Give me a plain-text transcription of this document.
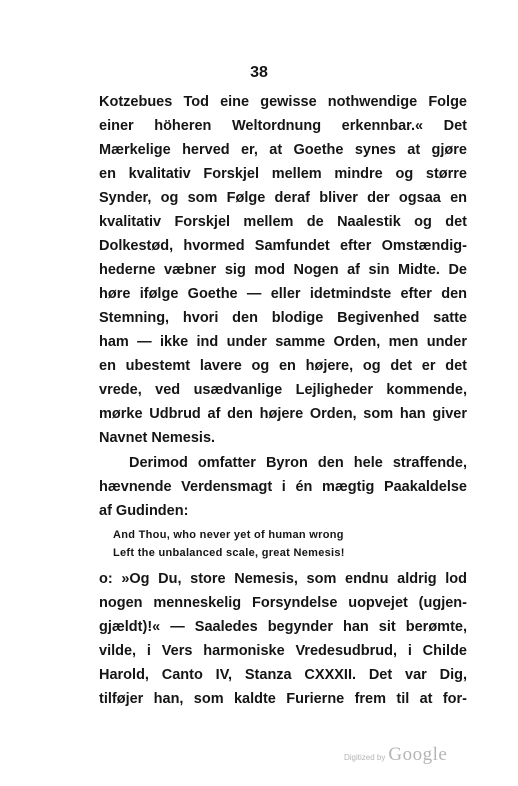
38
Kotzebues Tod eine gewisse nothwendige Folge
einer höheren Weltordnung erkennbar.« Det
Mærkelige herved er, at Goethe synes at gjøre
en kvalitativ Forskjel mellem mindre og større
Synder, og som Følge deraf bliver der ogsaa en
kvalitativ Forskjel mellem de Naalestik og det
Dolkestød, hvormed Samfundet efter Omstændig-
hederne væbner sig mod Nogen af sin Midte. De
høre ifølge Goethe — eller idetmindste efter den
Stemning, hvori den blodige Begivenhed satte
ham — ikke ind under samme Orden, men under
en ubestemt lavere og en højere, og det er det
vrede, ved usædvanlige Lejligheder kommende,
mørke Udbrud af den højere Orden, som han giver
Navnet Nemesis.
Derimod omfatter Byron den hele straffende,
hævnende Verdensmagt i én mægtig Paakaldelse
af Gudinden:
And Thou, who never yet of human wrong
Left the unbalanced scale, great Nemesis!
o: »Og Du, store Nemesis, som endnu aldrig lod
nogen menneskelig Forsyndelse uopvejet (ugjen-
gjældt)!« — Saaledes begynder han sit berømte,
vilde, i Vers harmoniske Vredesudbrud, i Childe
Harold, Canto IV, Stanza CXXXII. Det var Dig,
tilføjer han, som kaldte Furierne frem til at for-
Digitized by Google
